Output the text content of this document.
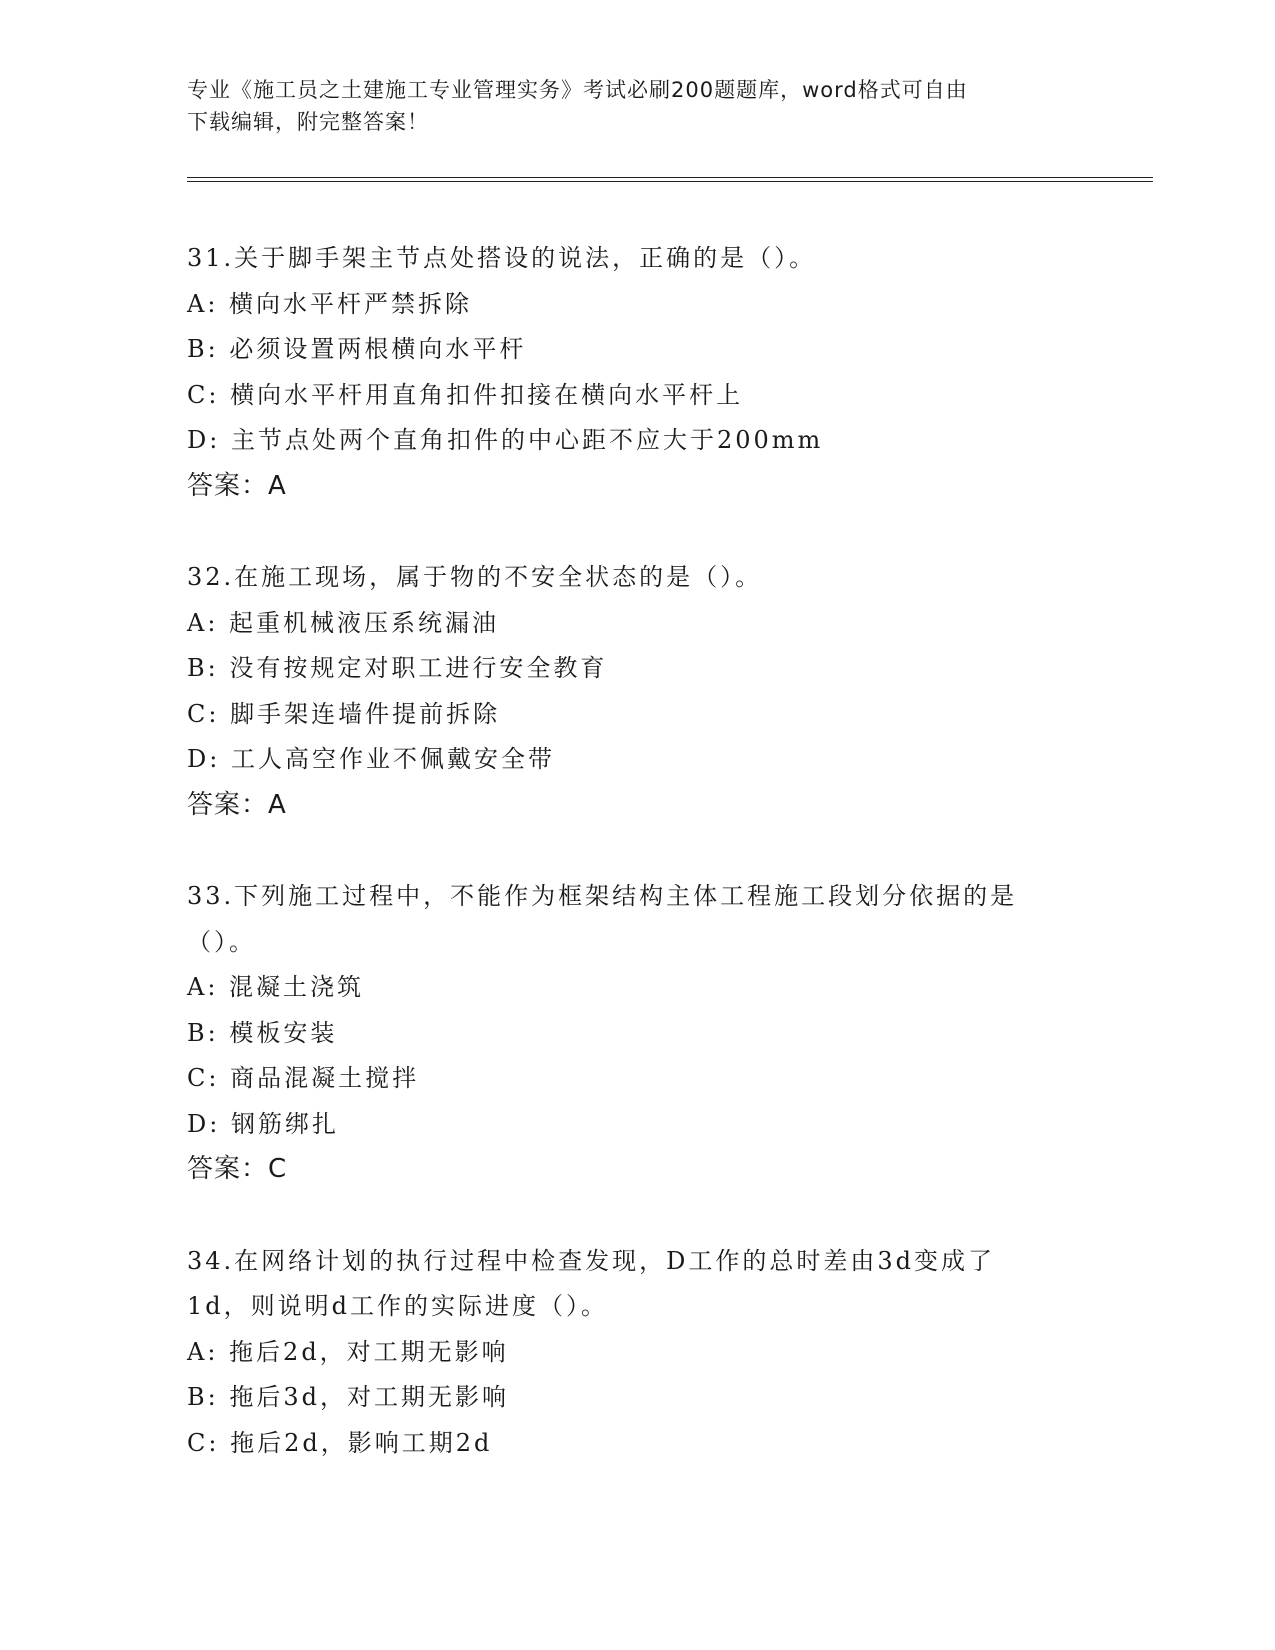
专业《施工员之土建施工专业管理实务》考试必刷200题题库，word格式可自由
下载编辑，附完整答案！
31.关于脚手架主节点处搭设的说法，正确的是（）。
A: 横向水平杆严禁拆除
B: 必须设置两根横向水平杆
C: 横向水平杆用直角扣件扣接在横向水平杆上
D: 主节点处两个直角扣件的中心距不应大于200mm
答案：A
32.在施工现场，属于物的不安全状态的是（）。
A: 起重机械液压系统漏油
B: 没有按规定对职工进行安全教育
C: 脚手架连墙件提前拆除
D: 工人高空作业不佩戴安全带
答案：A
33.下列施工过程中，不能作为框架结构主体工程施工段划分依据的是
（）。
A: 混凝土浇筑
B: 模板安装
C: 商品混凝土搅拌
D: 钢筋绑扎
答案：C
34.在网络计划的执行过程中检查发现，D工作的总时差由3d变成了
1d，则说明d工作的实际进度（）。
A: 拖后2d，对工期无影响
B: 拖后3d，对工期无影响
C: 拖后2d，影响工期2d
